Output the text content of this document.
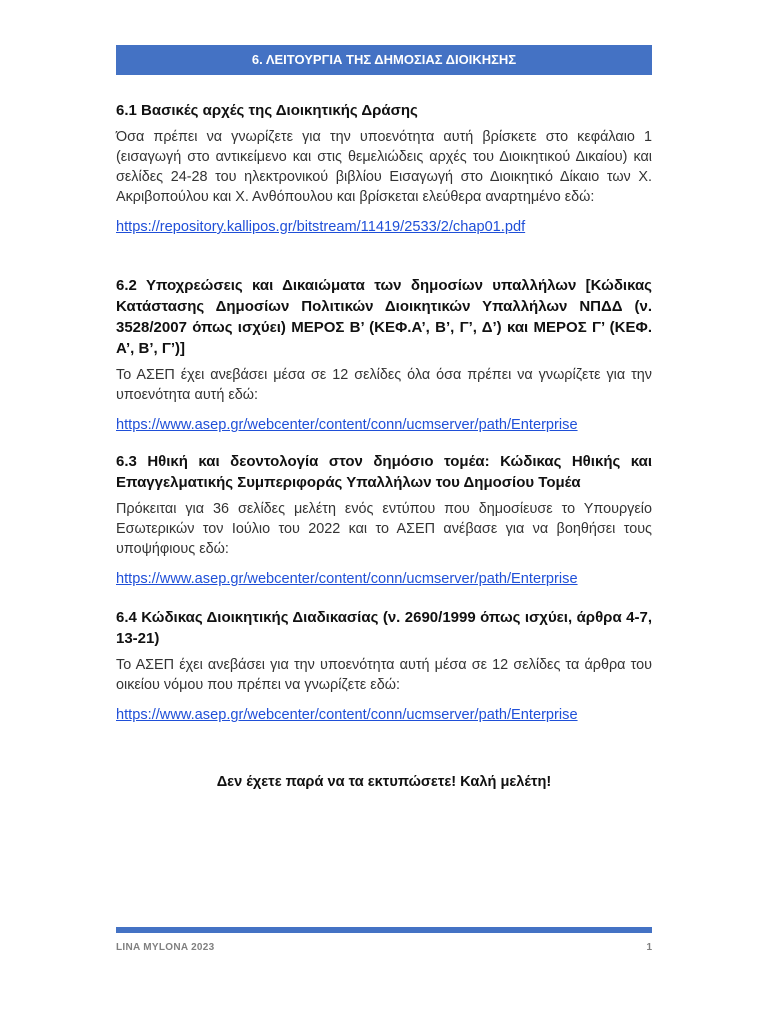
6. ΛΕΙΤΟΥΡΓΙΑ ΤΗΣ ΔΗΜΟΣΙΑΣ ΔΙΟΙΚΗΣΗΣ
6.1 Βασικές αρχές της Διοικητικής Δράσης
Όσα πρέπει να γνωρίζετε για την υποενότητα αυτή βρίσκετε στο κεφάλαιο 1 (εισαγωγή στο αντικείμενο και στις θεμελιώδεις αρχές του Διοικητικού Δικαίου) και σελίδες 24-28 του ηλεκτρονικού βιβλίου Εισαγωγή στο Διοικητικό Δίκαιο των Χ. Ακριβοπούλου και Χ. Ανθόπουλου και βρίσκεται ελεύθερα αναρτημένο εδώ:
https://repository.kallipos.gr/bitstream/11419/2533/2/chap01.pdf
6.2 Υποχρεώσεις και Δικαιώματα των δημοσίων υπαλλήλων [Κώδικας Κατάστασης Δημοσίων Πολιτικών Διοικητικών Υπαλλήλων ΝΠΔΔ (ν. 3528/2007 όπως ισχύει) ΜΕΡΟΣ Β’ (ΚΕΦ.Α’, Β’, Γ’, Δ’) και ΜΕΡΟΣ Γ’ (ΚΕΦ. Α’, Β’, Γ’)]
Το ΑΣΕΠ έχει ανεβάσει μέσα σε 12 σελίδες όλα όσα πρέπει να γνωρίζετε για την υποενότητα αυτή εδώ:
https://www.asep.gr/webcenter/content/conn/ucmserver/path/Enterprise
6.3 Ηθική και δεοντολογία στον δημόσιο τομέα: Κώδικας Ηθικής και Επαγγελματικής Συμπεριφοράς Υπαλλήλων του Δημοσίου Τομέα
Πρόκειται για 36 σελίδες μελέτη ενός εντύπου που δημοσίευσε το Υπουργείο Εσωτερικών τον Ιούλιο του 2022 και το ΑΣΕΠ ανέβασε για να βοηθήσει τους υποψήφιους εδώ:
https://www.asep.gr/webcenter/content/conn/ucmserver/path/Enterprise
6.4 Κώδικας Διοικητικής Διαδικασίας (ν. 2690/1999 όπως ισχύει, άρθρα 4-7, 13-21)
Το ΑΣΕΠ έχει ανεβάσει για την υποενότητα αυτή μέσα σε 12 σελίδες τα άρθρα του οικείου νόμου που πρέπει να γνωρίζετε εδώ:
https://www.asep.gr/webcenter/content/conn/ucmserver/path/Enterprise
Δεν έχετε παρά να τα εκτυπώσετε! Καλή μελέτη!
LINA MYLONA 2023	1
